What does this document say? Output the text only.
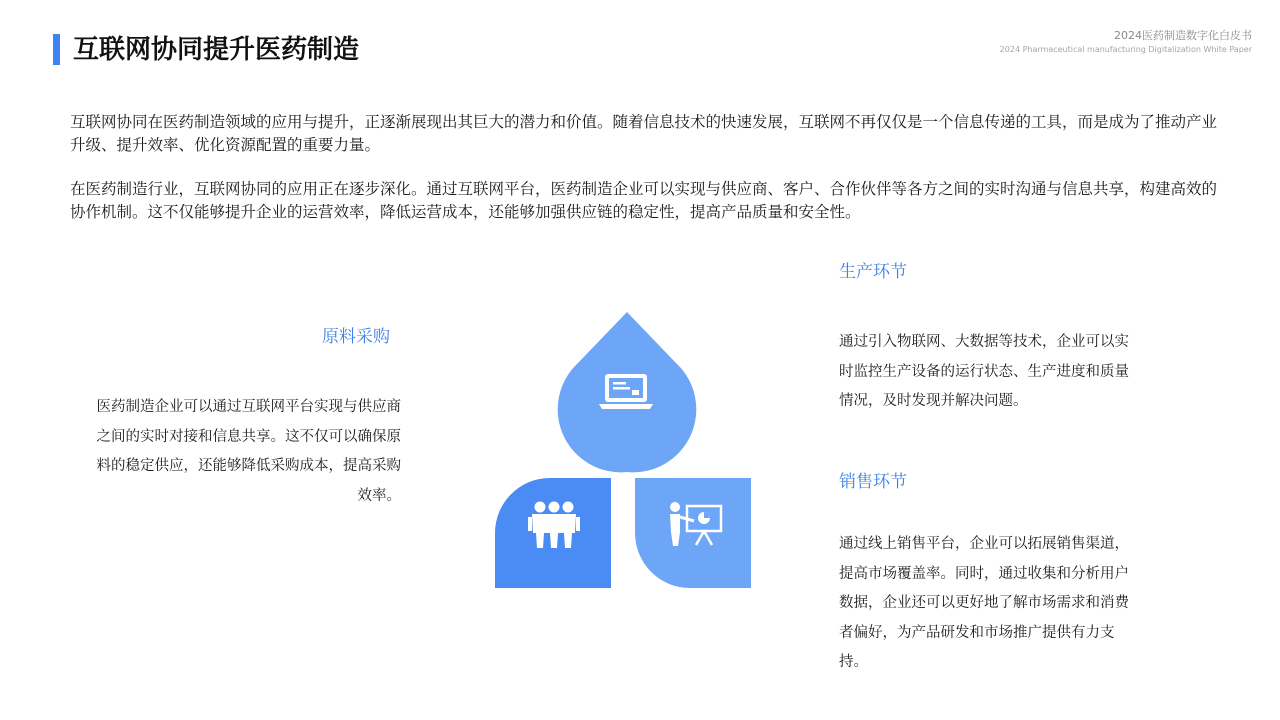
互联网协同提升医药制造	2024医药制造数字化白皮书
2024 Pharmaceutical manufacturing Digitalization White Paper

互联网协同在医药制造领域的应用与提升，正逐渐展现出其巨大的潜力和价值。随着信息技术的快速发展，互联网不再仅仅是一个信息传递的工具，而是成为了推动产业升级、提升效率、优化资源配置的重要力量。

在医药制造行业，互联网协同的应用正在逐步深化。通过互联网平台，医药制造企业可以实现与供应商、客户、合作伙伴等各方之间的实时沟通与信息共享，构建高效的协作机制。这不仅能够提升企业的运营效率，降低运营成本，还能够加强供应链的稳定性，提高产品质量和安全性。

原料采购

医药制造企业可以通过互联网平台实现与供应商之间的实时对接和信息共享。这不仅可以确保原料的稳定供应，还能够降低采购成本，提高采购效率。

生产环节

通过引入物联网、大数据等技术，企业可以实时监控生产设备的运行状态、生产进度和质量情况，及时发现并解决问题。

销售环节

通过线上销售平台，企业可以拓展销售渠道，提高市场覆盖率。同时，通过收集和分析用户数据，企业还可以更好地了解市场需求和消费者偏好，为产品研发和市场推广提供有力支持。
